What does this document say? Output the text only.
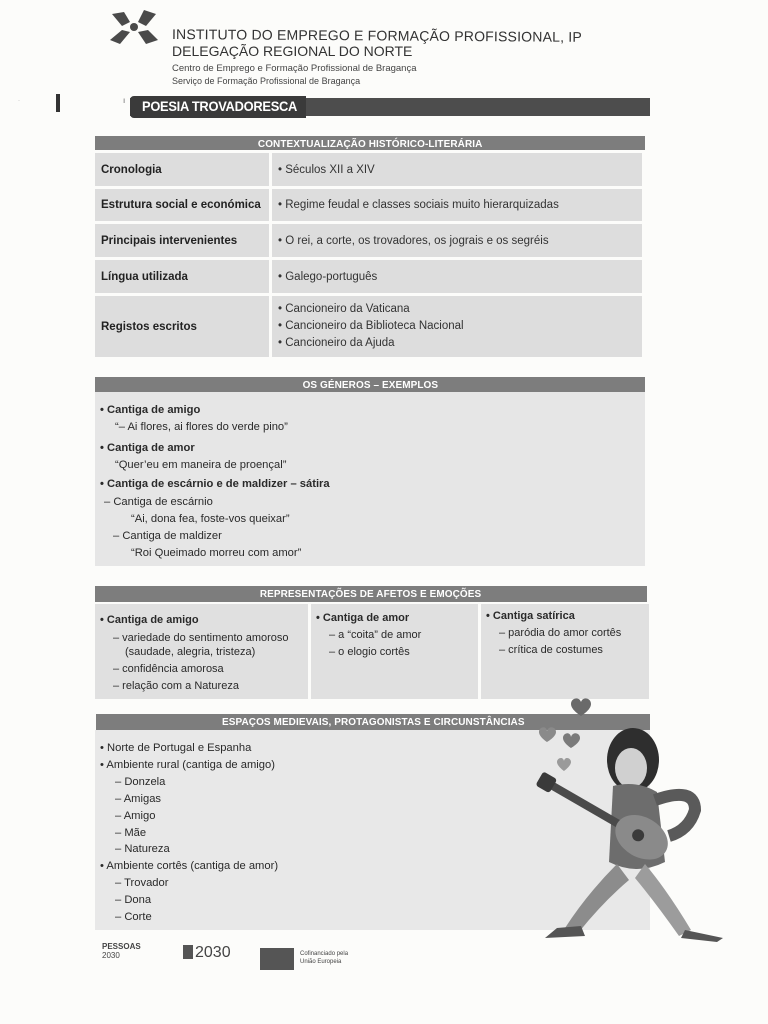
INSTITUTO DO EMPREGO E FORMAÇÃO PROFISSIONAL, IP
DELEGAÇÃO REGIONAL DO NORTE
Centro de Emprego e Formação Profissional de Bragança
Serviço de Formação Profissional de Bragança
·	ı POESIA TROVADORESCA
CONTEXTUALIZAÇÃO HISTÓRICO-LITERÁRIA
Cronologia	• Séculos XII a XIV
Estrutura social e económica	• Regime feudal e classes sociais muito hierarquizadas
Principais intervenientes	• O rei, a corte, os trovadores, os jograis e os segréis
Língua utilizada	• Galego-português
Registos escritos	• Cancioneiro da Vaticana
• Cancioneiro da Biblioteca Nacional
• Cancioneiro da Ajuda
OS GÉNEROS – EXEMPLOS
• Cantiga de amigo
“– Ai flores, ai flores do verde pino”
• Cantiga de amor
“Quer’eu em maneira de proençal”
• Cantiga de escárnio e de maldizer – sátira
– Cantiga de escárnio
“Ai, dona fea, foste-vos queixar”
– Cantiga de maldizer
“Roi Queimado morreu com amor”
REPRESENTAÇÕES DE AFETOS E EMOÇÕES
• Cantiga de amigo
– variedade do sentimento amoroso
(saudade, alegria, tristeza)
– confidência amorosa
– relação com a Natureza
• Cantiga de amor
– a “coita” de amor
– o elogio cortês
• Cantiga satírica
– paródia do amor cortês
– crítica de costumes
ESPAÇOS MEDIEVAIS, PROTAGONISTAS E CIRCUNSTÂNCIAS
• Norte de Portugal e Espanha
• Ambiente rural (cantiga de amigo)
– Donzela
– Amigas
– Amigo
– Mãe
– Natureza
• Ambiente cortês (cantiga de amor)
– Trovador
– Dona
– Corte
PESSOAS
2030	2030	Cofinanciado pela
União Europeia
